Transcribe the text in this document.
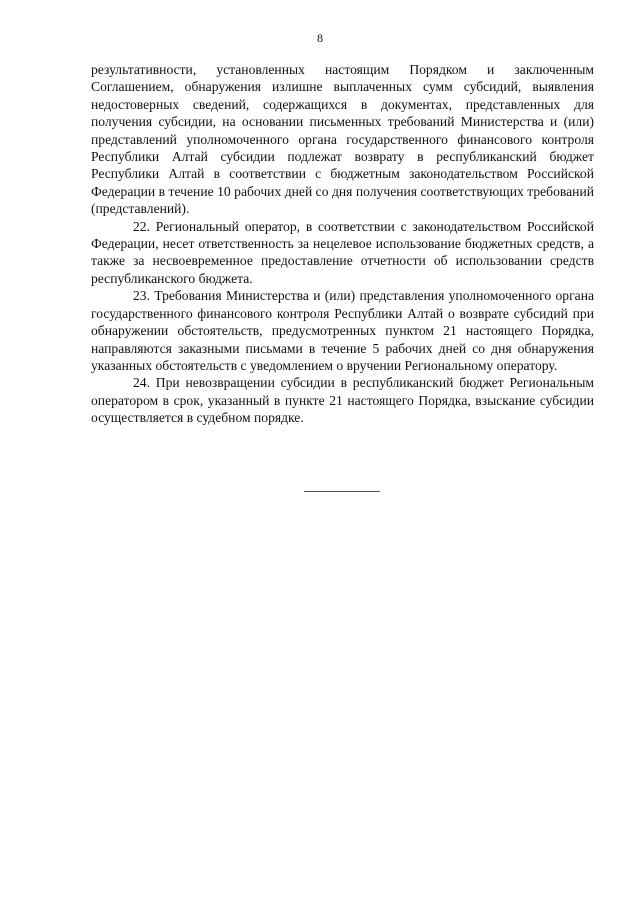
8

результативности, установленных настоящим Порядком и заключенным Соглашением, обнаружения излишне выплаченных сумм субсидий, выявления недостоверных сведений, содержащихся в документах, представленных для получения субсидии, на основании письменных требований Министерства и (или) представлений уполномоченного органа государственного финансового контроля Республики Алтай субсидии подлежат возврату в республиканский бюджет Республики Алтай в соответствии с бюджетным законодательством Российской Федерации в течение 10 рабочих дней со дня получения соответствующих требований (представлений).

22. Региональный оператор, в соответствии с законодательством Российской Федерации, несет ответственность за нецелевое использование бюджетных средств, а также за несвоевременное предоставление отчетности об использовании средств республиканского бюджета.

23. Требования Министерства и (или) представления уполномоченного органа государственного финансового контроля Республики Алтай о возврате субсидий при обнаружении обстоятельств, предусмотренных пунктом 21 настоящего Порядка, направляются заказными письмами в течение 5 рабочих дней со дня обнаружения указанных обстоятельств с уведомлением о вручении Региональному оператору.

24. При невозвращении субсидии в республиканский бюджет Региональным оператором в срок, указанный в пункте 21 настоящего Порядка, взыскание субсидии осуществляется в судебном порядке.
